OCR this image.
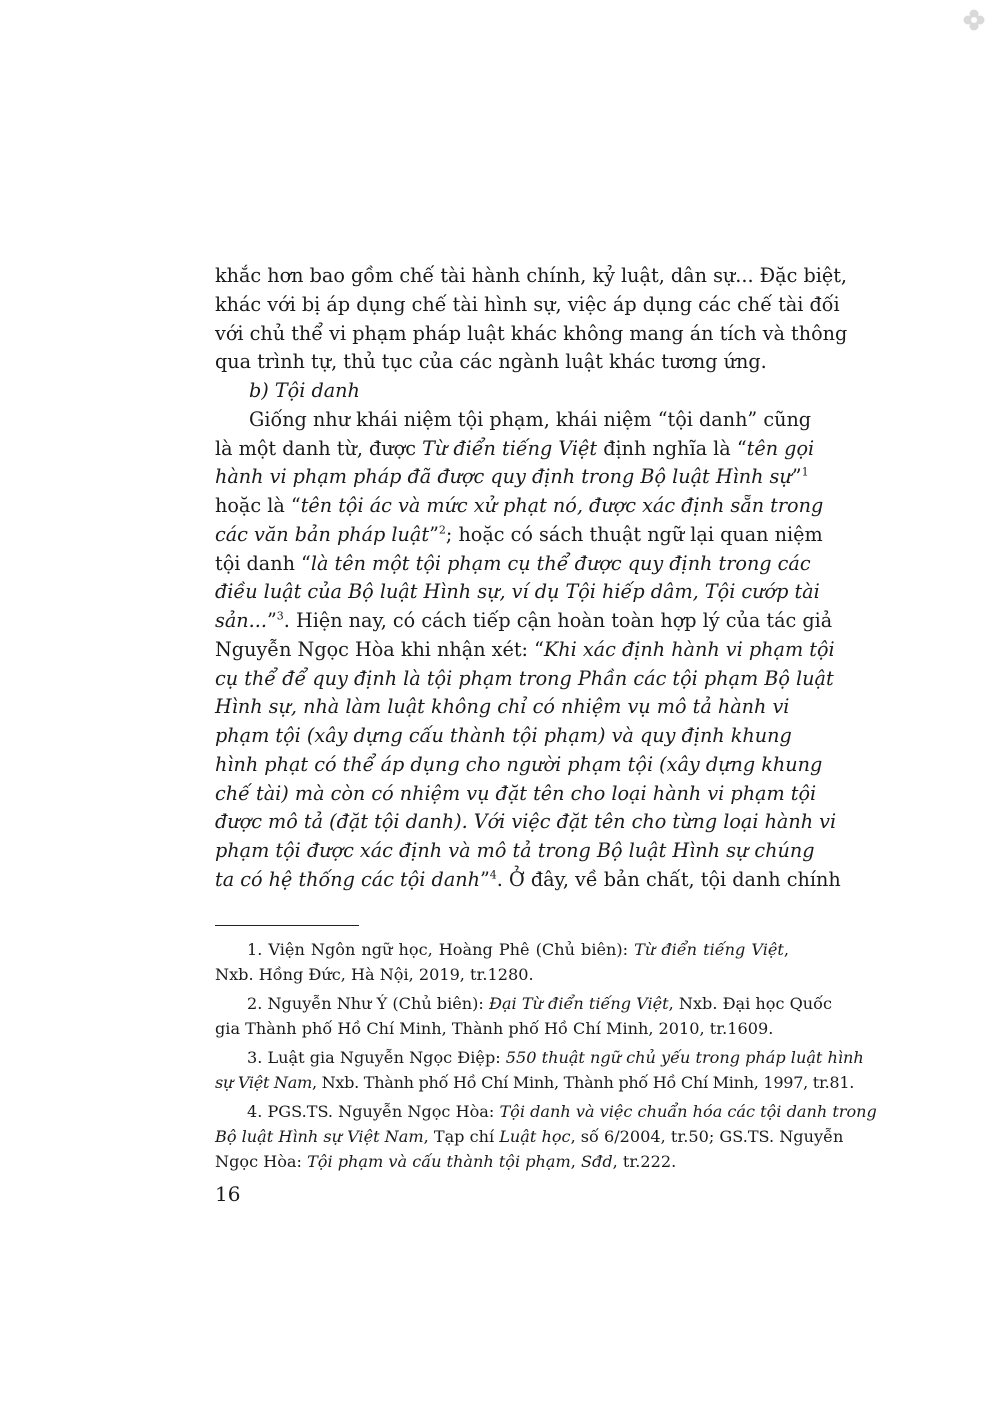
khắc hơn bao gồm chế tài hành chính, kỷ luật, dân sự... Đặc biệt,
khác với bị áp dụng chế tài hình sự, việc áp dụng các chế tài đối
với chủ thể vi phạm pháp luật khác không mang án tích và thông
qua trình tự, thủ tục của các ngành luật khác tương ứng.
b) Tội danh
Giống như khái niệm tội phạm, khái niệm “tội danh” cũng
là một danh từ, được Từ điển tiếng Việt định nghĩa là “tên gọi
hành vi phạm pháp đã được quy định trong Bộ luật Hình sự”$^1$
hoặc là “tên tội ác và mức xử phạt nó, được xác định sẵn trong
các văn bản pháp luật”$^2$; hoặc có sách thuật ngữ lại quan niệm
tội danh “là tên một tội phạm cụ thể được quy định trong các
điều luật của Bộ luật Hình sự, ví dụ Tội hiếp dâm, Tội cướp tài
sản...”$^3$. Hiện nay, có cách tiếp cận hoàn toàn hợp lý của tác giả
Nguyễn Ngọc Hòa khi nhận xét: “Khi xác định hành vi phạm tội
cụ thể để quy định là tội phạm trong Phần các tội phạm Bộ luật
Hình sự, nhà làm luật không chỉ có nhiệm vụ mô tả hành vi
phạm tội (xây dựng cấu thành tội phạm) và quy định khung
hình phạt có thể áp dụng cho người phạm tội (xây dựng khung
chế tài) mà còn có nhiệm vụ đặt tên cho loại hành vi phạm tội
được mô tả (đặt tội danh). Với việc đặt tên cho từng loại hành vi
phạm tội được xác định và mô tả trong Bộ luật Hình sự chúng
ta có hệ thống các tội danh”$^4$. Ở đây, về bản chất, tội danh chính
1. Viện Ngôn ngữ học, Hoàng Phê (Chủ biên): Từ điển tiếng Việt,
Nxb. Hồng Đức, Hà Nội, 2019, tr.1280.
2. Nguyễn Như Ý (Chủ biên): Đại Từ điển tiếng Việt, Nxb. Đại học Quốc
gia Thành phố Hồ Chí Minh, Thành phố Hồ Chí Minh, 2010, tr.1609.
3. Luật gia Nguyễn Ngọc Điệp: 550 thuật ngữ chủ yếu trong pháp luật hình
sự Việt Nam, Nxb. Thành phố Hồ Chí Minh, Thành phố Hồ Chí Minh, 1997, tr.81.
4. PGS.TS. Nguyễn Ngọc Hòa: Tội danh và việc chuẩn hóa các tội danh trong
Bộ luật Hình sự Việt Nam, Tạp chí Luật học, số 6/2004, tr.50; GS.TS. Nguyễn
Ngọc Hòa: Tội phạm và cấu thành tội phạm, Sđd, tr.222.
16
